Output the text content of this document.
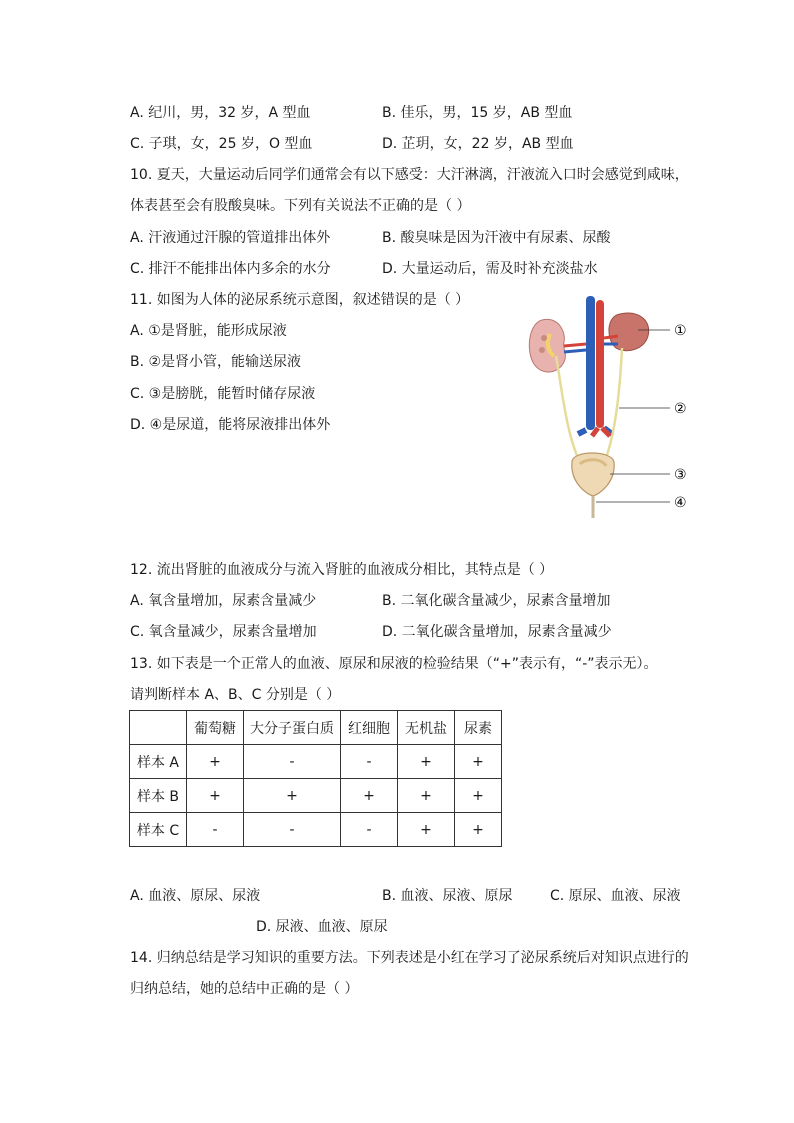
A. 纪川，男，32 岁，A 型血	B. 佳乐，男，15 岁，AB 型血
C. 子琪，女，25 岁，O 型血	D. 芷玥，女，22 岁，AB 型血
10. 夏天，大量运动后同学们通常会有以下感受：大汗淋漓，汗液流入口时会感觉到咸味，
体表甚至会有股酸臭味。下列有关说法不正确的是（ ）
A. 汗液通过汗腺的管道排出体外	B. 酸臭味是因为汗液中有尿素、尿酸
C. 排汗不能排出体内多余的水分	D. 大量运动后，需及时补充淡盐水
11. 如图为人体的泌尿系统示意图，叙述错误的是（ ）
A. ①是肾脏，能形成尿液
B. ②是肾小管，能输送尿液
C. ③是膀胱，能暂时储存尿液
D. ④是尿道，能将尿液排出体外
①
②
③
④
12. 流出肾脏的血液成分与流入肾脏的血液成分相比，其特点是（ ）
A. 氧含量增加，尿素含量减少	B. 二氧化碳含量减少，尿素含量增加
C. 氧含量减少，尿素含量增加	D. 二氧化碳含量增加，尿素含量减少
13. 如下表是一个正常人的血液、原尿和尿液的检验结果（“+”表示有，“-”表示无）。
请判断样本 A、B、C 分别是（ ）
	葡萄糖	大分子蛋白质	红细胞	无机盐	尿素
样本 A	+	-	-	+	+
样本 B	+	+	+	+	+
样本 C	-	-	-	+	+
A. 血液、原尿、尿液	B. 血液、尿液、原尿	C. 原尿、血液、尿液
D. 尿液、血液、原尿
14. 归纳总结是学习知识的重要方法。下列表述是小红在学习了泌尿系统后对知识点进行的
归纳总结，她的总结中正确的是（ ）
